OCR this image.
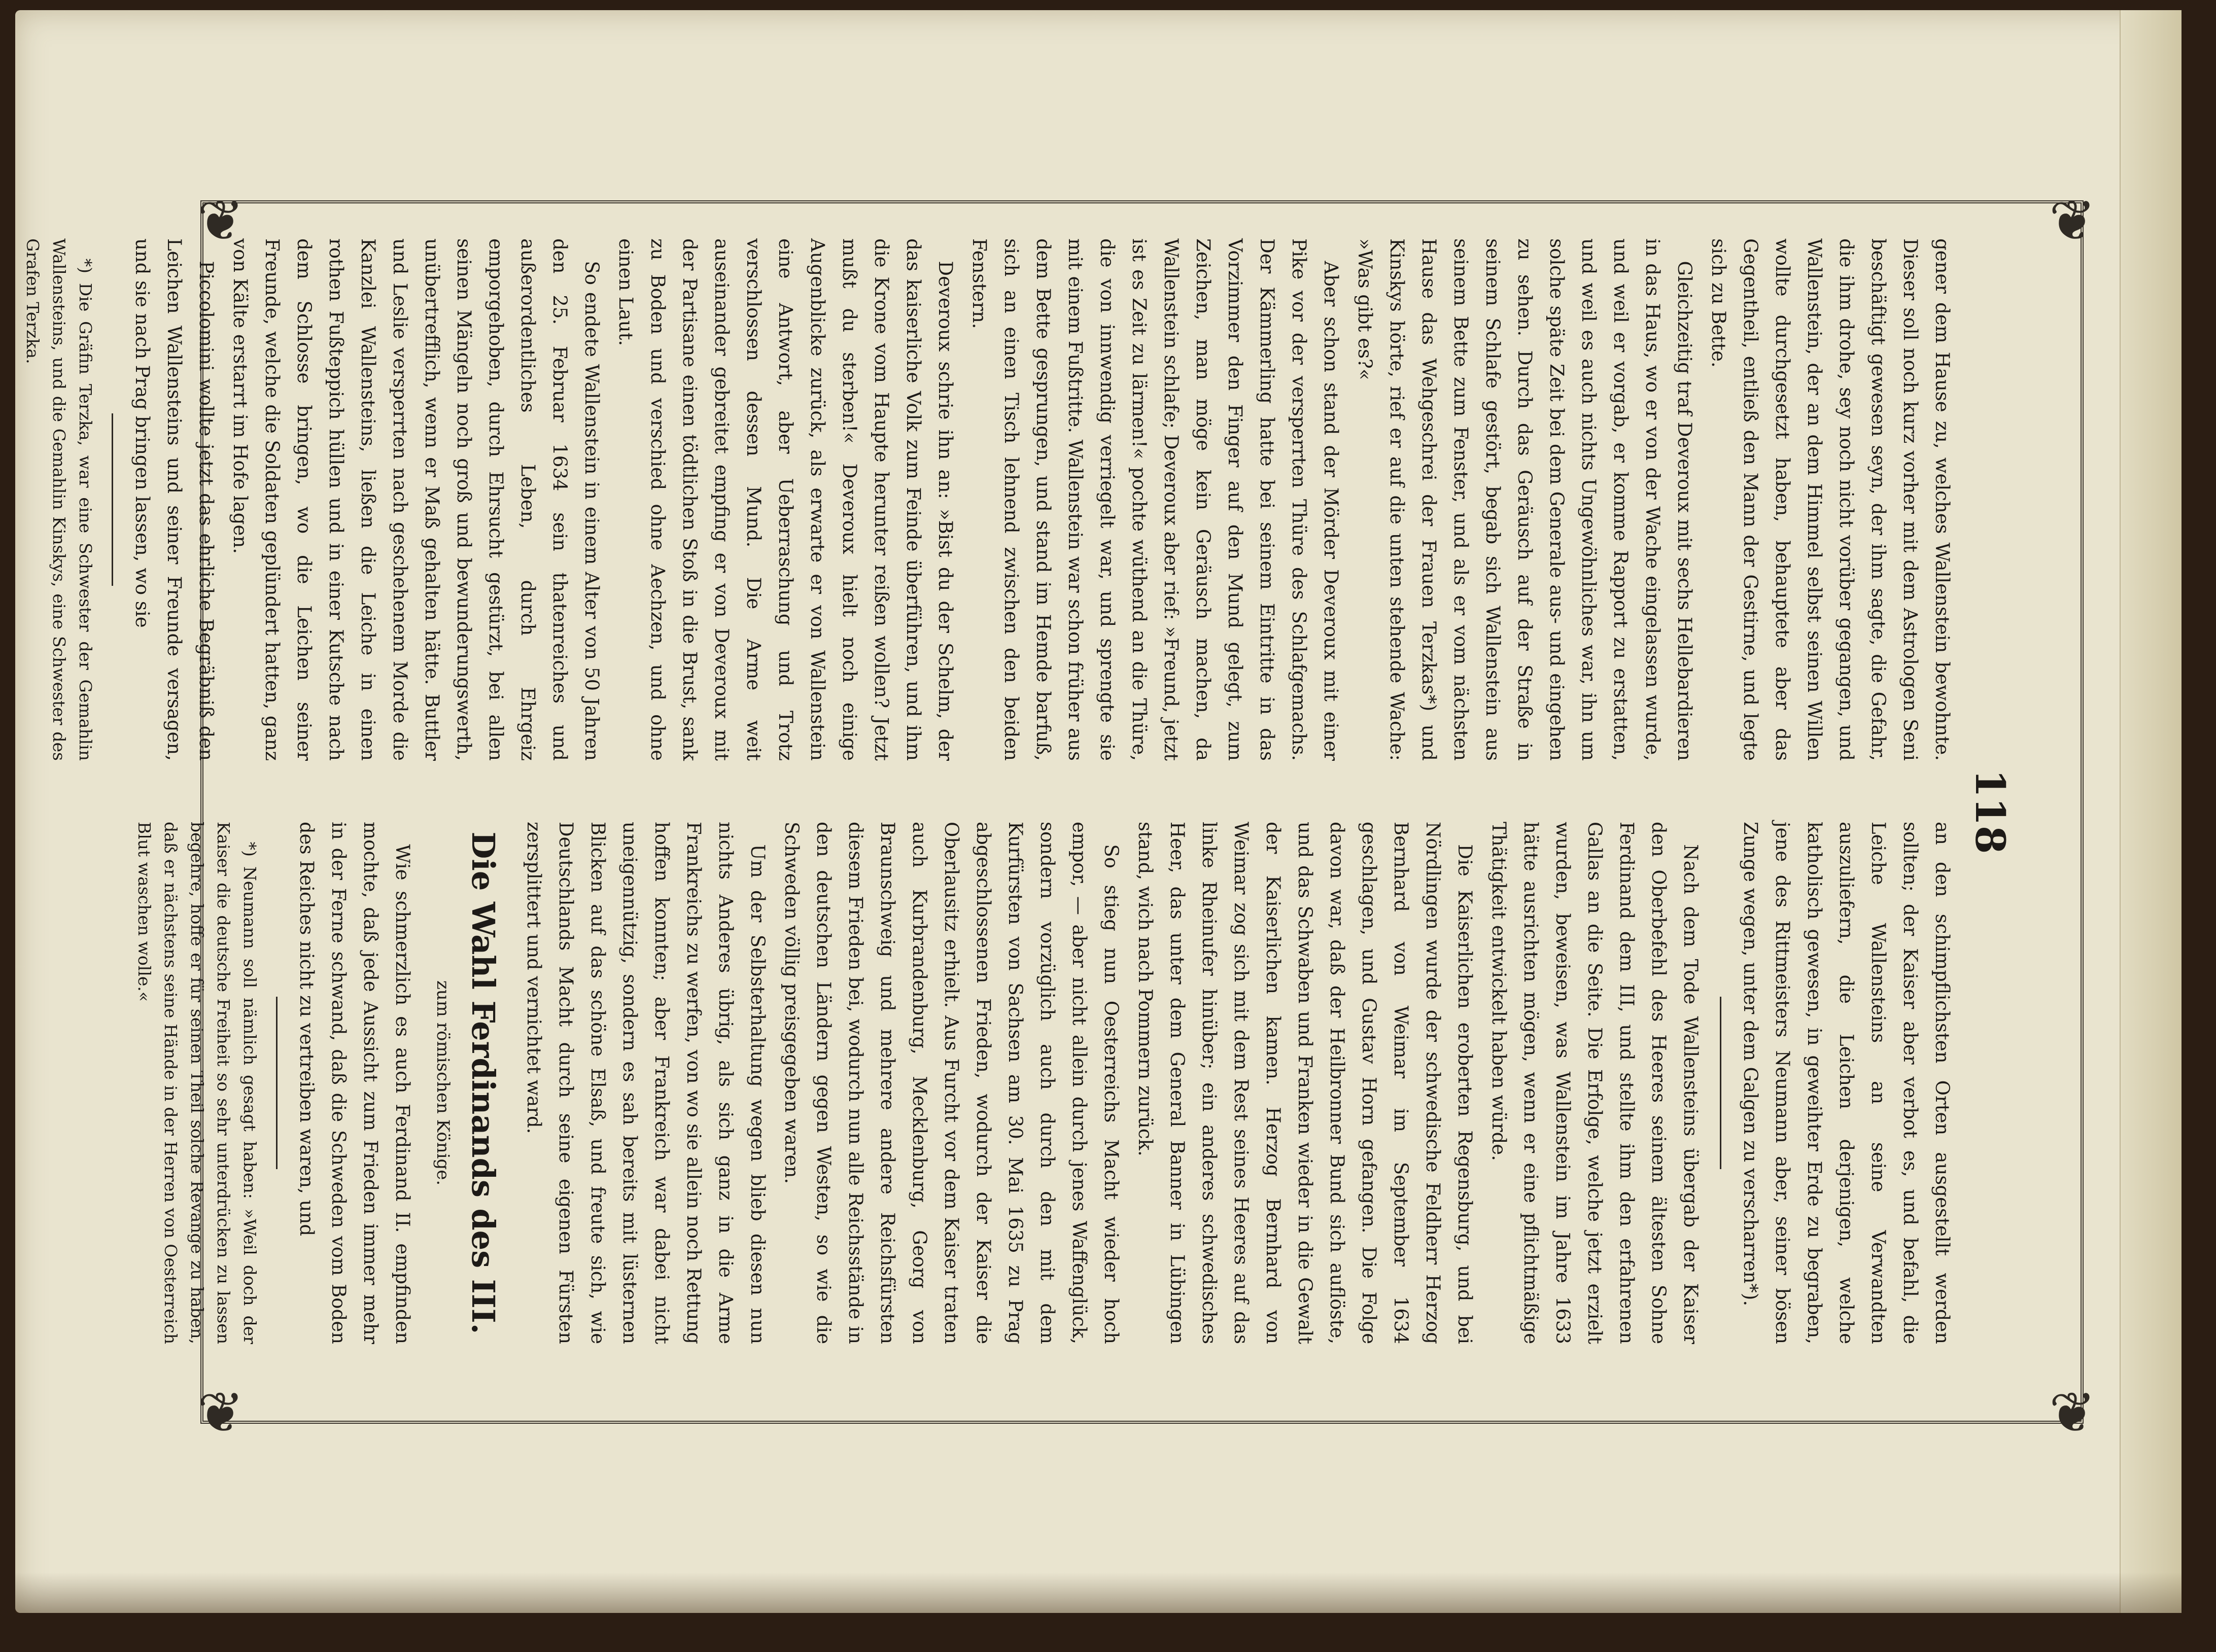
❦	❦
❦	❦
118

gener dem Hause zu, welches Wallenstein bewohnte. Dieser soll noch kurz vorher mit dem Astrologen Seni beschäftigt gewesen seyn, der ihm sagte, die Gefahr, die ihm drohe, sey noch nicht vorüber gegangen, und Wallenstein, der an dem Himmel selbst seinen Willen wollte durchgesetzt haben, behauptete aber das Gegentheil, entließ den Mann der Gestirne, und legte sich zu Bette.

Gleichzeitig traf Deveroux mit sechs Hellebardieren in das Haus, wo er von der Wache eingelassen wurde, und weil er vorgab, er komme Rapport zu erstatten, und weil es auch nichts Ungewöhnliches war, ihn um solche späte Zeit bei dem Generale aus- und eingehen zu sehen. Durch das Geräusch auf der Straße in seinem Schlafe gestört, begab sich Wallenstein aus seinem Bette zum Fenster, und als er vom nächsten Hause das Wehgeschrei der Frauen Terzkas*) und Kinskys hörte, rief er auf die unten stehende Wache: »Was gibt es?«

Aber schon stand der Mörder Deveroux mit einer Pike vor der versperrten Thüre des Schlafgemachs. Der Kämmerling hatte bei seinem Eintritte in das Vorzimmer den Finger auf den Mund gelegt, zum Zeichen, man möge kein Geräusch machen, da Wallenstein schlafe; Deveroux aber rief: »Freund, jetzt ist es Zeit zu lärmen!« pochte wüthend an die Thüre, die von innwendig verriegelt war, und sprengte sie mit einem Fußtritte. Wallenstein war schon früher aus dem Bette gesprungen, und stand im Hemde barfuß, sich an einen Tisch lehnend zwischen den beiden Fenstern.

Deveroux schrie ihn an: »Bist du der Schelm, der das kaiserliche Volk zum Feinde überführen, und ihm die Krone vom Haupte herunter reißen wollen? Jetzt mußt du sterben!« Deveroux hielt noch einige Augenblicke zurück, als erwarte er von Wallenstein eine Antwort, aber Ueberraschung und Trotz verschlossen dessen Mund. Die Arme weit auseinander gebreitet empfing er von Deveroux mit der Partisane einen tödtlichen Stoß in die Brust, sank zu Boden und verschied ohne Aechzen, und ohne einen Laut.

So endete Wallenstein in einem Alter von 50 Jahren den 25. Februar 1634 sein thatenreiches und außerordentliches Leben, durch Ehrgeiz emporgehoben, durch Ehrsucht gestürzt, bei allen seinen Mängeln noch groß und bewunderungswerth, unübertrefflich, wenn er Maß gehalten hätte. Buttler und Leslie versperrten nach geschehenem Morde die Kanzlei Wallensteins, ließen die Leiche in einen rothen Fußteppich hüllen und in einer Kutsche nach dem Schlosse bringen, wo die Leichen seiner Freunde, welche die Soldaten geplündert hatten, ganz von Kälte erstarrt im Hofe lagen.

Piccolomini wollte jetzt das ehrliche Begräbniß den Leichen Wallensteins und seiner Freunde versagen, und sie nach Prag bringen lassen, wo sie

*) Die Gräfin Terzka, war eine Schwester der Gemahlin Wallensteins, und die Gemahlin Kinskys, eine Schwester des Grafen Terzka.

an den schimpflichsten Orten ausgestellt werden sollten; der Kaiser aber verbot es, und befahl, die Leiche Wallensteins an seine Verwandten auszuliefern, die Leichen derjenigen, welche katholisch gewesen, in geweihter Erde zu begraben, jene des Rittmeisters Neumann aber, seiner bösen Zunge wegen, unter dem Galgen zu verscharren*).

Nach dem Tode Wallensteins übergab der Kaiser den Oberbefehl des Heeres seinem ältesten Sohne Ferdinand dem III, und stellte ihm den erfahrenen Gallas an die Seite. Die Erfolge, welche jetzt erzielt wurden, beweisen, was Wallenstein im Jahre 1633 hätte ausrichten mögen, wenn er eine pflichtmäßige Thätigkeit entwickelt haben würde.

Die Kaiserlichen eroberten Regensburg, und bei Nördlingen wurde der schwedische Feldherr Herzog Bernhard von Weimar im September 1634 geschlagen, und Gustav Horn gefangen. Die Folge davon war, daß der Heilbronner Bund sich auflöste, und das Schwaben und Franken wieder in die Gewalt der Kaiserlichen kamen. Herzog Bernhard von Weimar zog sich mit dem Rest seines Heeres auf das linke Rheinufer hinüber; ein anderes schwedisches Heer, das unter dem General Banner in Lübingen stand, wich nach Pommern zurück.

So stieg nun Oesterreichs Macht wieder hoch empor, — aber nicht allein durch jenes Waffenglück, sondern vorzüglich auch durch den mit dem Kurfürsten von Sachsen am 30. Mai 1635 zu Prag abgeschlossenen Frieden, wodurch der Kaiser die Oberlausitz erhielt. Aus Furcht vor dem Kaiser traten auch Kurbrandenburg, Mecklenburg, Georg von Braunschweig und mehrere andere Reichsfürsten diesem Frieden bei, wodurch nun alle Reichsstände in den deutschen Ländern gegen Westen, so wie die Schweden völlig preisgegeben waren.

Um der Selbsterhaltung wegen blieb diesen nun nichts Anderes übrig, als sich ganz in die Arme Frankreichs zu werfen, von wo sie allein noch Rettung hoffen konnten; aber Frankreich war dabei nicht uneigennützig, sondern es sah bereits mit lüsternen Blicken auf das schöne Elsaß, und freute sich, wie Deutschlands Macht durch seine eigenen Fürsten zersplittert und vernichtet ward.

Die Wahl Ferdinands des III.
zum römischen Könige.

Wie schmerzlich es auch Ferdinand II. empfinden mochte, daß jede Aussicht zum Frieden immer mehr in der Ferne schwand, daß die Schweden vom Boden des Reiches nicht zu vertreiben waren, und

*) Neumann soll nämlich gesagt haben: »Weil doch der Kaiser die deutsche Freiheit so sehr unterdrücken zu lassen begehre, hoffe er für seinen Theil solche Revange zu haben, daß er nächstens seine Hände in der Herren von Oesterreich Blut waschen wolle.«
